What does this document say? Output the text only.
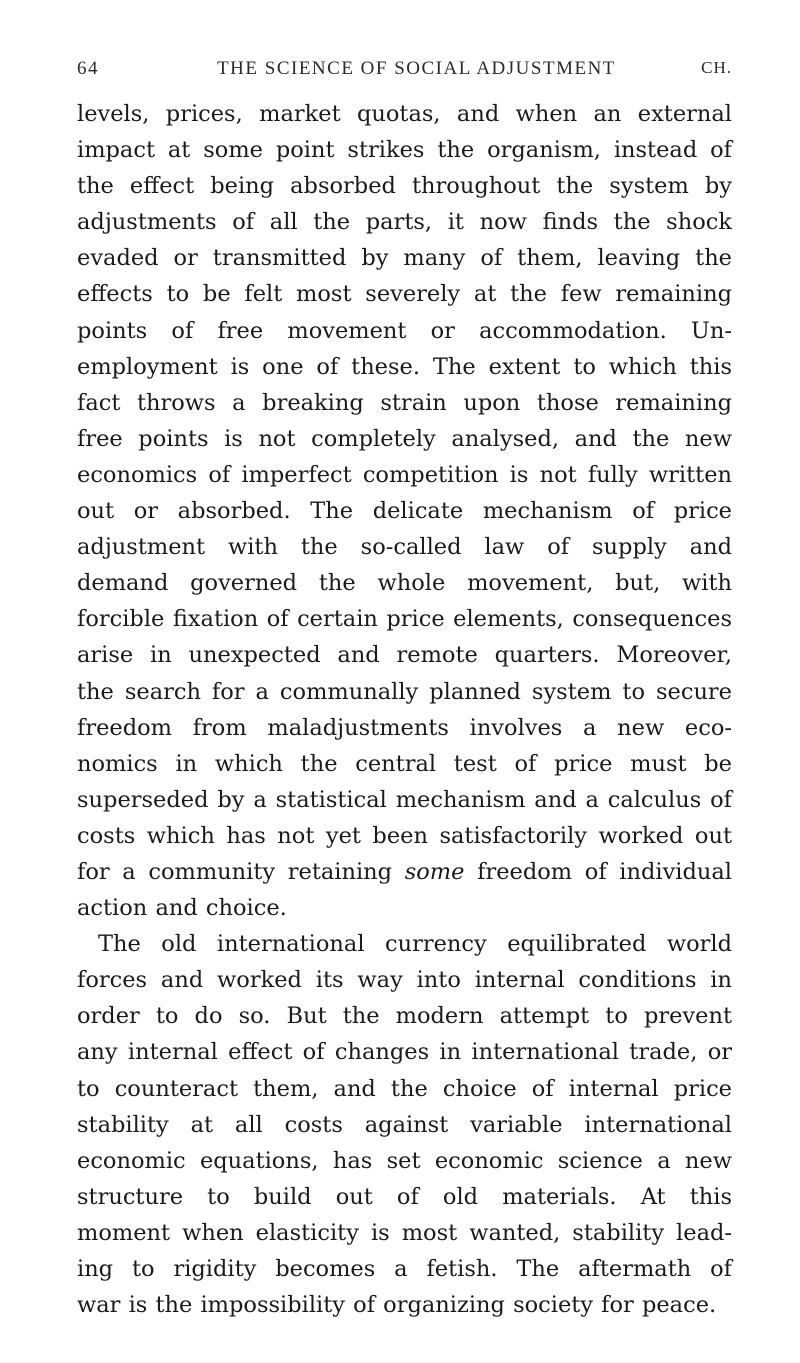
64	THE SCIENCE OF SOCIAL ADJUSTMENT	CH.
levels, prices, market quotas, and when an external
impact at some point strikes the organism, instead of
the effect being absorbed throughout the system by
adjustments of all the parts, it now finds the shock
evaded or transmitted by many of them, leaving the
effects to be felt most severely at the few remaining
points of free movement or accommodation. Un-
employment is one of these. The extent to which this
fact throws a breaking strain upon those remaining
free points is not completely analysed, and the new
economics of imperfect competition is not fully written
out or absorbed. The delicate mechanism of price
adjustment with the so-called law of supply and
demand governed the whole movement, but, with
forcible fixation of certain price elements, consequences
arise in unexpected and remote quarters. Moreover,
the search for a communally planned system to secure
freedom from maladjustments involves a new eco-
nomics in which the central test of price must be
superseded by a statistical mechanism and a calculus of
costs which has not yet been satisfactorily worked out
for a community retaining some freedom of individual
action and choice.
The old international currency equilibrated world
forces and worked its way into internal conditions in
order to do so. But the modern attempt to prevent
any internal effect of changes in international trade, or
to counteract them, and the choice of internal price
stability at all costs against variable international
economic equations, has set economic science a new
structure to build out of old materials. At this
moment when elasticity is most wanted, stability lead-
ing to rigidity becomes a fetish. The aftermath of
war is the impossibility of organizing society for peace.
